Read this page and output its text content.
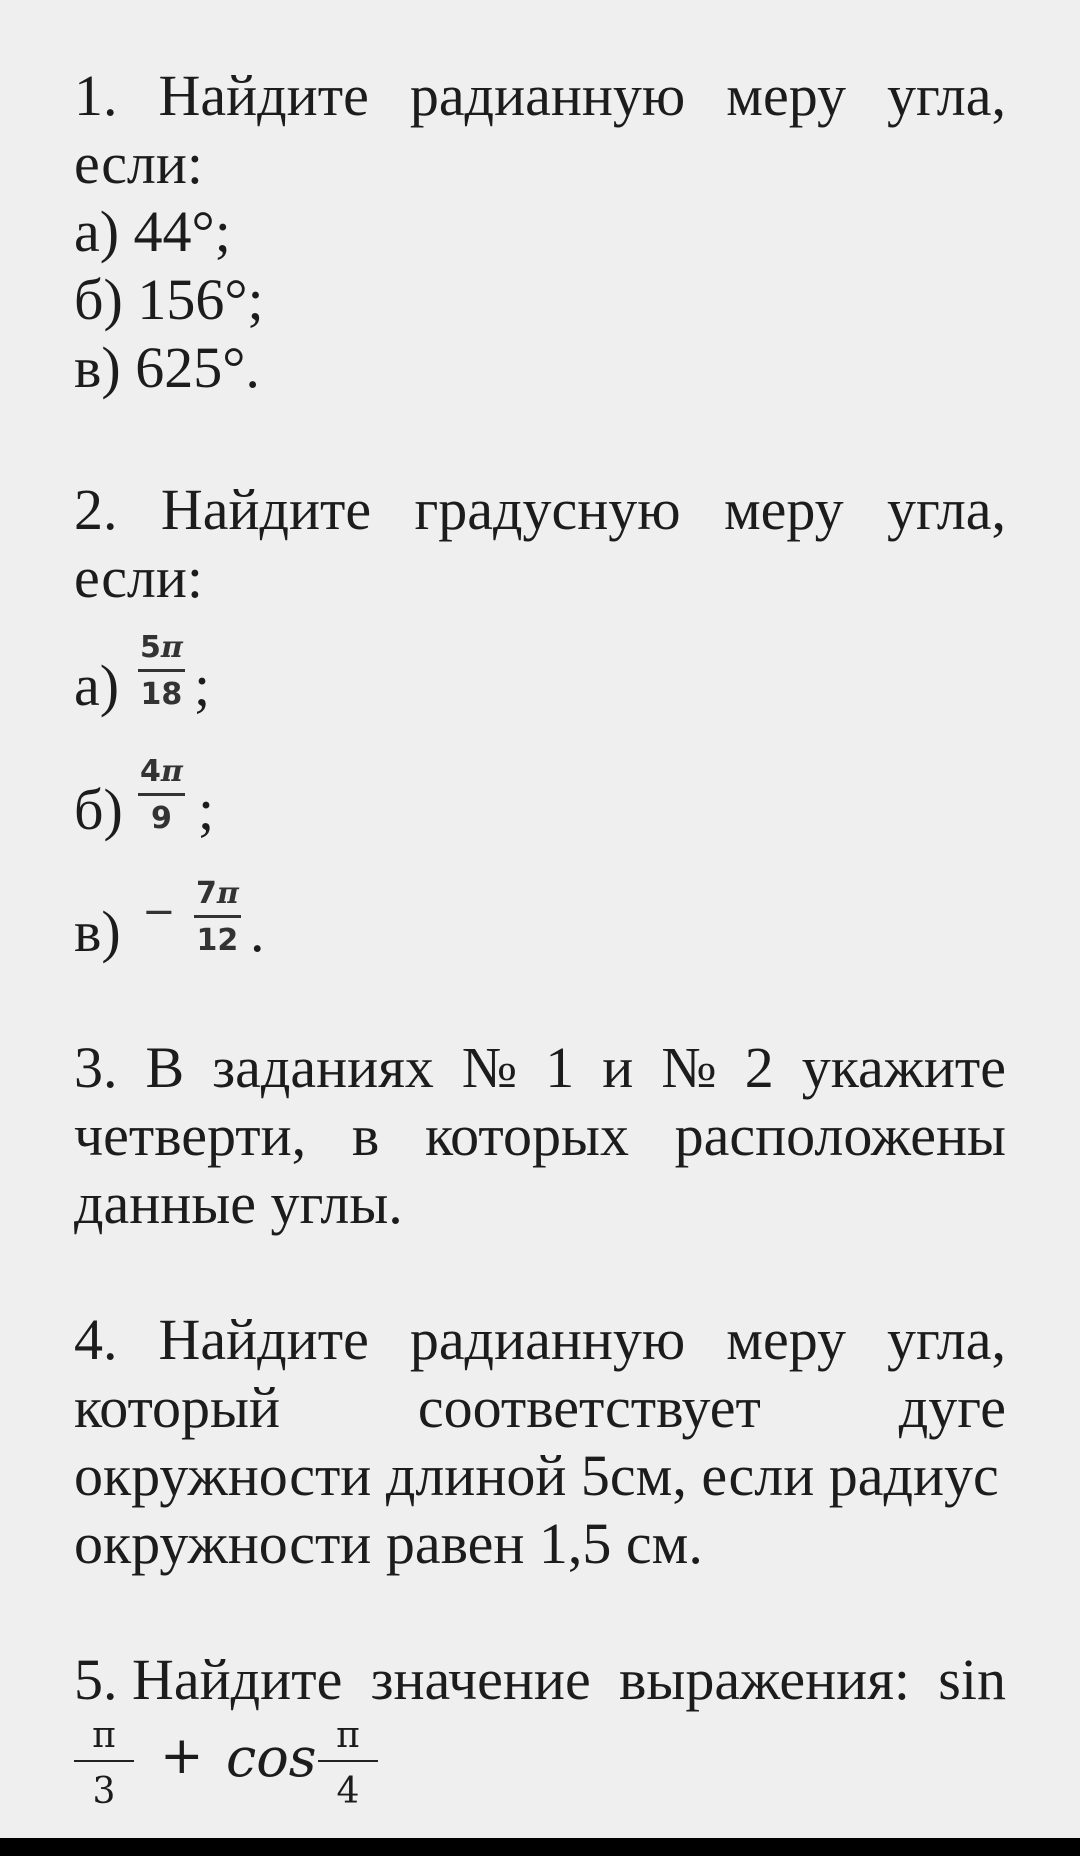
1. Найдите радианную меру угла,
если:
а) 44°;
б) 156°;
в) 625°.
2. Найдите градусную меру угла,
если:
$а) \frac{5\pi}{18}$ ;
$б) \frac{4\pi}{9}$ ;
$в) - \frac{7\pi}{12}$ .
3. В заданиях № 1 и № 2 укажите
четверти, в которых расположены
данные углы.
4. Найдите радианную меру угла,
который соответствует дуге
окружности длиной 5см, если радиус
окружности равен 1,5 см.
5. Найдите значение выражения: sin
$\frac{\pi}{3} + \cos \frac{\pi}{4}$
